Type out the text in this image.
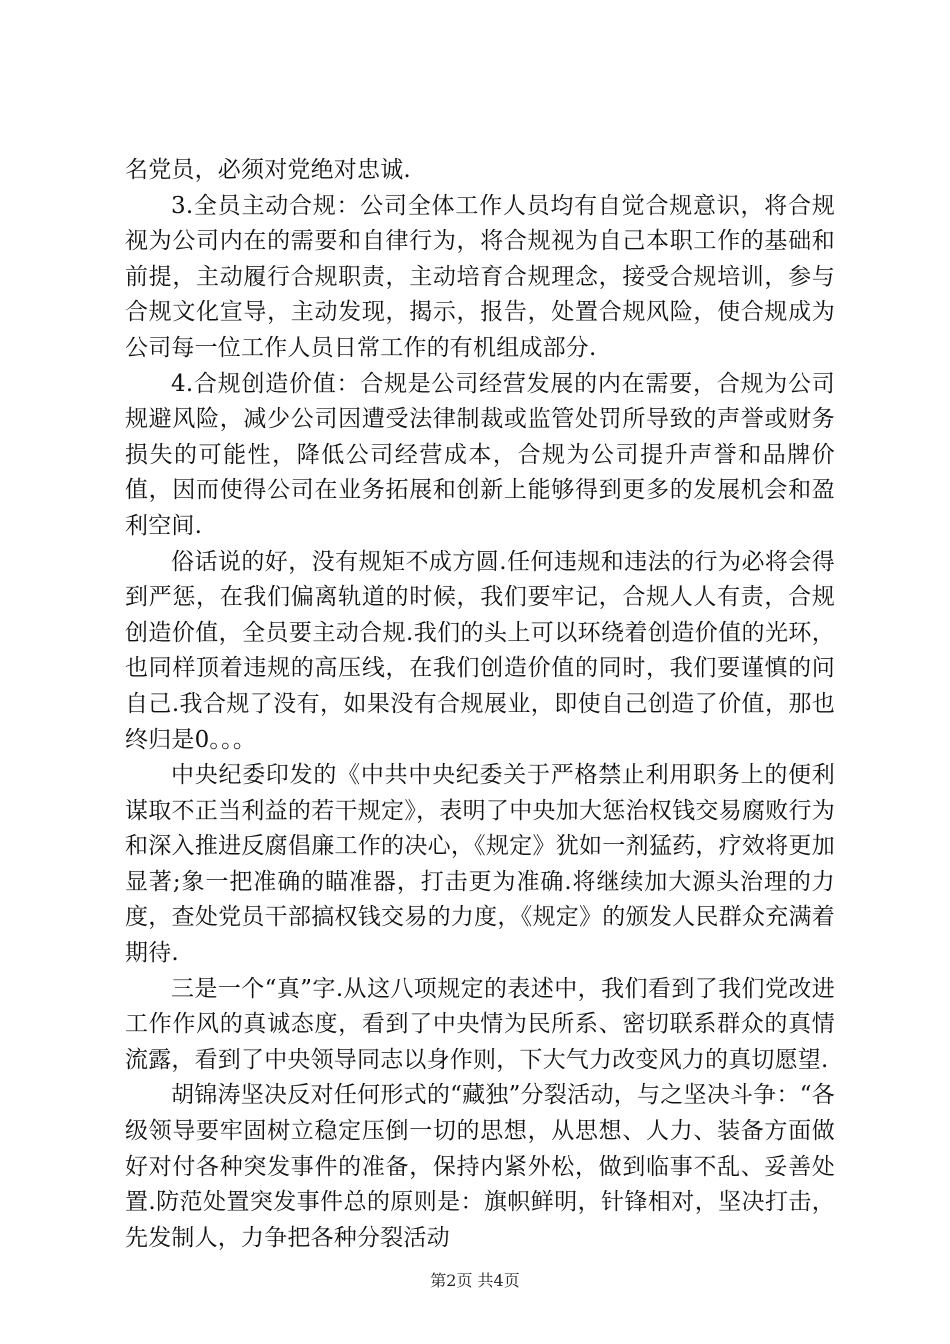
名党员，必须对党绝对忠诚.

3.全员主动合规：公司全体工作人员均有自觉合规意识，将合规视为公司内在的需要和自律行为，将合规视为自己本职工作的基础和前提，主动履行合规职责，主动培育合规理念，接受合规培训，参与合规文化宣导，主动发现，揭示，报告，处置合规风险，使合规成为公司每一位工作人员日常工作的有机组成部分.

4.合规创造价值：合规是公司经营发展的内在需要，合规为公司规避风险，减少公司因遭受法律制裁或监管处罚所导致的声誉或财务损失的可能性，降低公司经营成本，合规为公司提升声誉和品牌价值，因而使得公司在业务拓展和创新上能够得到更多的发展机会和盈利空间.

俗话说的好，没有规矩不成方圆.任何违规和违法的行为必将会得到严惩，在我们偏离轨道的时候，我们要牢记，合规人人有责，合规创造价值，全员要主动合规.我们的头上可以环绕着创造价值的光环，也同样顶着违规的高压线，在我们创造价值的同时，我们要谨慎的问自己.我合规了没有，如果没有合规展业，即使自己创造了价值，那也终归是0。。。

中央纪委印发的《中共中央纪委关于严格禁止利用职务上的便利谋取不正当利益的若干规定》，表明了中央加大惩治权钱交易腐败行为和深入推进反腐倡廉工作的决心，《规定》犹如一剂猛药，疗效将更加显著;象一把准确的瞄准器，打击更为准确.将继续加大源头治理的力度，查处党员干部搞权钱交易的力度，《规定》的颁发人民群众充满着期待.

三是一个“真”字.从这八项规定的表述中，我们看到了我们党改进工作作风的真诚态度，看到了中央情为民所系、密切联系群众的真情流露，看到了中央领导同志以身作则，下大气力改变风力的真切愿望.

胡锦涛坚决反对任何形式的“藏独”分裂活动，与之坚决斗争：“各级领导要牢固树立稳定压倒一切的思想，从思想、人力、装备方面做好对付各种突发事件的准备，保持内紧外松，做到临事不乱、妥善处置.防范处置突发事件总的原则是：旗帜鲜明，针锋相对，坚决打击，先发制人，力争把各种分裂活动

第2页 共4页
